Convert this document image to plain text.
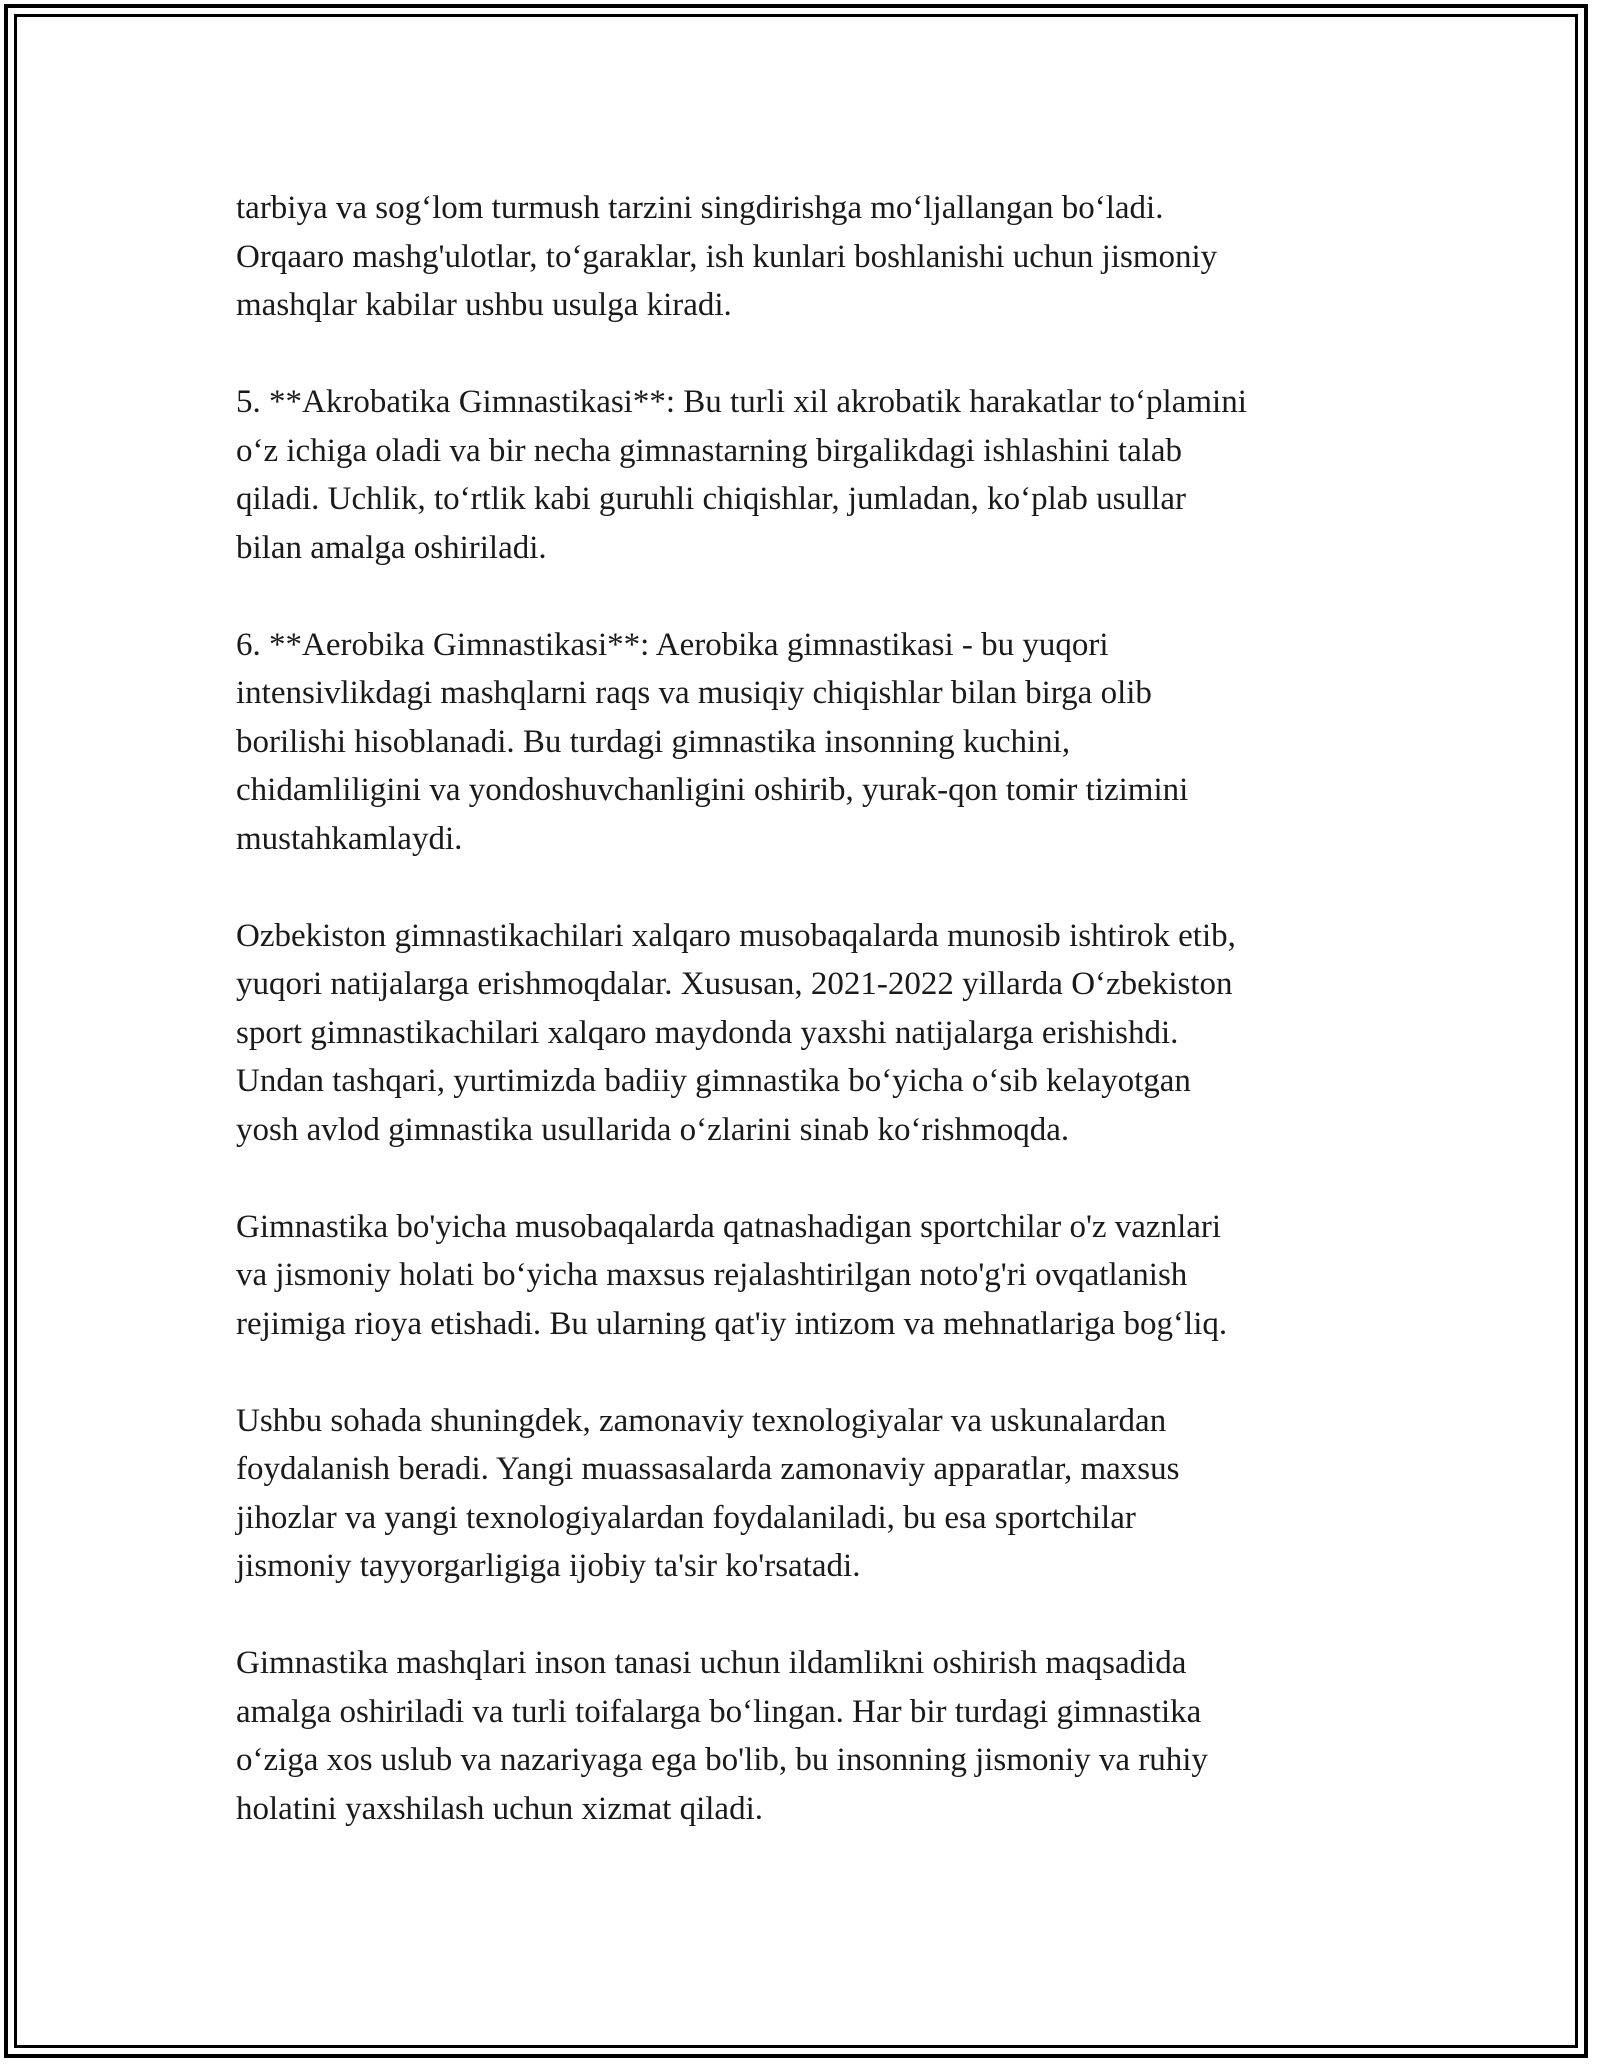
tarbiya va sog‘lom turmush tarzini singdirishga mo‘ljallangan bo‘ladi.
Orqaaro mashg'ulotlar, to‘garaklar, ish kunlari boshlanishi uchun jismoniy
mashqlar kabilar ushbu usulga kiradi.

5. **Akrobatika Gimnastikasi**: Bu turli xil akrobatik harakatlar to‘plamini
o‘z ichiga oladi va bir necha gimnastarning birgalikdagi ishlashini talab
qiladi. Uchlik, to‘rtlik kabi guruhli chiqishlar, jumladan, ko‘plab usullar
bilan amalga oshiriladi.

6. **Aerobika Gimnastikasi**: Aerobika gimnastikasi - bu yuqori
intensivlikdagi mashqlarni raqs va musiqiy chiqishlar bilan birga olib
borilishi hisoblanadi. Bu turdagi gimnastika insonning kuchini,
chidamliligini va yondoshuvchanligini oshirib, yurak-qon tomir tizimini
mustahkamlaydi.

Ozbekiston gimnastikachilari xalqaro musobaqalarda munosib ishtirok etib,
yuqori natijalarga erishmoqdalar. Xususan, 2021-2022 yillarda O‘zbekiston
sport gimnastikachilari xalqaro maydonda yaxshi natijalarga erishishdi.
Undan tashqari, yurtimizda badiiy gimnastika bo‘yicha o‘sib kelayotgan
yosh avlod gimnastika usullarida o‘zlarini sinab ko‘rishmoqda.

Gimnastika bo'yicha musobaqalarda qatnashadigan sportchilar o'z vaznlari
va jismoniy holati bo‘yicha maxsus rejalashtirilgan noto'g'ri ovqatlanish
rejimiga rioya etishadi. Bu ularning qat'iy intizom va mehnatlariga bog‘liq.

Ushbu sohada shuningdek, zamonaviy texnologiyalar va uskunalardan
foydalanish beradi. Yangi muassasalarda zamonaviy apparatlar, maxsus
jihozlar va yangi texnologiyalardan foydalaniladi, bu esa sportchilar
jismoniy tayyorgarligiga ijobiy ta'sir ko'rsatadi.

Gimnastika mashqlari inson tanasi uchun ildamlikni oshirish maqsadida
amalga oshiriladi va turli toifalarga bo‘lingan. Har bir turdagi gimnastika
o‘ziga xos uslub va nazariyaga ega bo'lib, bu insonning jismoniy va ruhiy
holatini yaxshilash uchun xizmat qiladi.
